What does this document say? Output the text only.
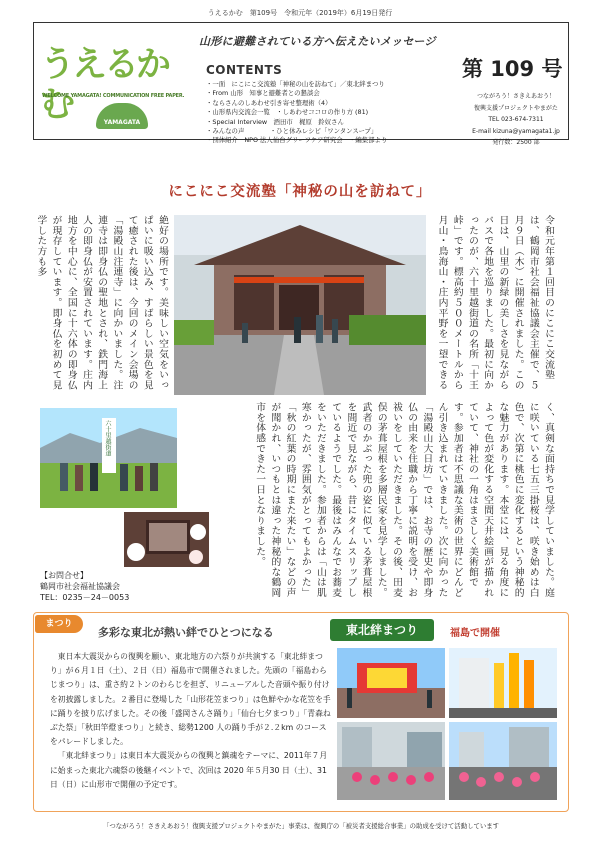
うえるかむ　第109号　令和元年（2019年）6月19日発行
うえるかむ
WELCOME YAMAGATA! COMMUNICATION FREE PAPER.
YAMAGATA
山形に避難されている方へ伝えたいメッセージ
CONTENTS
・一面　にこにこ交流塾「神秘の山を訪ねて」／東北絆まつり
・From 山形　知事と避難者との懇談会
・ならさんのしあわせ引き寄せ整理術（4）
・山形県内交流会一覧　・しあわせココロの作り方 (81)
・Special Interview　酒田市　梶原　鈴奴さん
・みんなの声　　　　・ひと休みレシピ「ワンタンスープ」
・団体紹介　NPO 法人仙台グリーフケア研究会　・編集部より
第 109 号
つながろう！さきえあおう！
復興支援プロジェクトやまがた
TEL 023-674-7311
E-mail kizuna@yamagata1.jp
発行数：2500 部
にこにこ交流塾「神秘の山を訪ねて」
令和元年第１回目のにこにこ交流塾は、鶴岡市社会福祉協議会主催で、５月９日（木）に開催されました。この日は、山里の新緑の美しさを見ながらバスで各地を巡りました。最初に向かったのが、六十里越街道の名所「十王峠」です。標高約５００メートルから月山・鳥海山・庄内平野を一望できる
絶好の場所です。美味しい空気をいっぱいに吸い込み、すばらしい景色を見て癒された後は、今回のメイン会場の「湯殿山注連寺」に向かいました。注連寺は即身仏の聖地とされ、鉄門海上人の即身仏が安置されています。庄内地方を中心に、全国に十六体の即身仏が現存しています。即身仏を初めて見学した方も多
く、真剣な面持ちで見学していました。庭に咲いている七五三掛桜は、咲き始めは白色で、次第に桃色に変化するという神秘的な魅力があります。本堂には、見る角度によって色が変化する空間天井絵画が描かれていて、神社の一角はまさしく美術館です。参加者は不思議な美術の世界にどんどん引き込まれていきました。次に向かった「湯殿山大日坊」では、お寺の歴史や即身仏の由来を住職から丁寧に説明を受け、お祓いをしていただきました。その後、田麦俣の茅葺屋根を多層民家を見学しました。武者のかぶった兜の姿に似ている茅葺屋根を間近で見ながら、昔にタイムスリップしているようでした。最後はみんなでお蕎麦をいただきました。参加者からは「山は肌寒かったが、雰囲気がとってもよかった」「秋の紅葉の時期にまた来たい」などの声が聞かれ、いつもとは違った神秘的な鶴岡市を体感できた一日となりました。
六十里越街道
【お問合せ】
鶴岡市社会福祉協議会
TEL：0235－24－0053
まつり
多彩な東北が熱い絆でひとつになる	東北絆まつり	福島で開催

東日本大震災からの復興を願い、東北地方の六祭りが共演する「東北絆まつり」が６月１日（土）、２日（日）福島市で開催されました。先頭の「福島わらじまつり」は、重さ約２トンのわらじを担ぎ、リニューアルした音頭や振り付けを初披露しました。２番目に登場した「山形花笠まつり」は色鮮やかな花笠を手に踊りを披り広げました。その後「盛岡さんさ踊り」「仙台七夕まつり」「青森ねぶた祭」「秋田竿燈まつり」と続き、総勢1200 人の踊り手が２.２km のコースをパレードしました。

「東北絆まつり」は東日本大震災からの復興と鎮魂をテーマに、2011年７月に始まった東北六魂祭の後継イベントで、次回は 2020 年５月30 日（土）、31 日（日）に山形市で開催の予定です。

「つながろう！さきえあおう！復興支援プロジェクトやまがた」事業は、復興庁の「被災者支援総合事業」の助成を受けて活動しています
